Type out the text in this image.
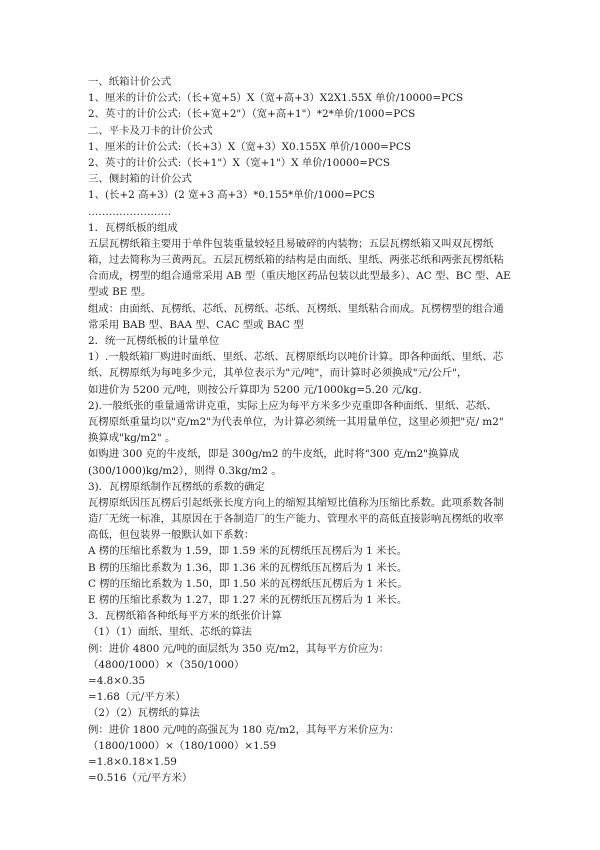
一、纸箱计价公式
1、厘米的计价公式:（长+宽+5）X（宽+高+3）X2X1.55X 单价/10000=PCS
2、英寸的计价公式:（长+宽+2"）（宽+高+1"）*2*单价/1000=PCS
二、平卡及刀卡的计价公式
1、厘米的计价公式:（长+3）X（宽+3）X0.155X 单价/1000=PCS
2、英寸的计价公式:（长+1"）X（宽+1"）X 单价/10000=PCS
三、侧封箱的计价公式
1、(长+2 高+3）(2 宽+3 高+3）*0.155*单价/1000=PCS
……………………
1．瓦楞纸板的组成
五层瓦楞纸箱主要用于单件包装重量较轻且易破碎的内装物；五层瓦楞纸箱又叫双瓦楞纸
箱，过去简称为三黄两瓦。五层瓦楞纸箱的结构是由面纸、里纸、两张芯纸和两张瓦楞纸粘
合而成，楞型的组合通常采用 AB 型（重庆地区药品包装以此型最多）、AC 型、BC 型、AE
型或 BE 型。
组成：由面纸、瓦楞纸、芯纸、瓦楞纸、芯纸、瓦楞纸、里纸粘合而成。瓦楞楞型的组合通
常采用 BAB 型、BAA 型、CAC 型或 BAC 型
2．统一瓦楞纸板的计量单位
1）.一般纸箱厂购进时面纸、里纸、芯纸、瓦楞原纸均以吨价计算。即各种面纸、里纸、芯
纸、瓦楞原纸为每吨多少元，其单位表示为"元/吨"，而计算时必须换成"元/公斤"，
如进价为 5200 元/吨，则按公斤算即为 5200 元/1000kg=5.20 元/kg.
2).一般纸张的重量通常讲克重，实际上应为每平方米多少克重即各种面纸、里纸、芯纸、
瓦楞原纸重量均以"克/m2"为代表单位，为计算必须统一其用量单位，这里必须把"克/ m2"
换算成"kg/m2" 。
如购进 300 克的牛皮纸，即是 300g/m2 的牛皮纸，此时将"300 克/m2"换算成
(300/1000)kg/m2），则得 0.3kg/m2 。
3)．瓦楞原纸制作瓦楞纸的系数的确定
瓦楞原纸因压瓦楞后引起纸张长度方向上的缩短其缩短比值称为压缩比系数。此项系数各制
造厂无统一标准，其原因在于各制造厂的生产能力、管理水平的高低直接影响瓦楞纸的收率
高低，但包装界一般默认如下系数：
A 楞的压缩比系数为 1.59，即 1.59 米的瓦楞纸压瓦楞后为 1 米长。
B 楞的压缩比系数为 1.36，即 1.36 米的瓦楞纸压瓦楞后为 1 米长。
C 楞的压缩比系数为 1.50，即 1.50 米的瓦楞纸压瓦楞后为 1 米长。
E 楞的压缩比系数为 1.27，即 1.27 米的瓦楞纸压瓦楞后为 1 米长。
3．瓦楞纸箱各种纸每平方米的纸张价计算
（1）（1）面纸、里纸、芯纸的算法
例：进价 4800 元/吨的面层纸为 350 克/m2，其每平方价应为：
（4800/1000）×（350/1000）
=4.8×0.35
=1.68（元/平方米）
（2）（2）瓦楞纸的算法
例：进价 1800 元/吨的高强瓦为 180 克/m2，其每平方米价应为：
（1800/1000）×（180/1000）×1.59
=1.8×0.18×1.59
=0.516（元/平方米）
